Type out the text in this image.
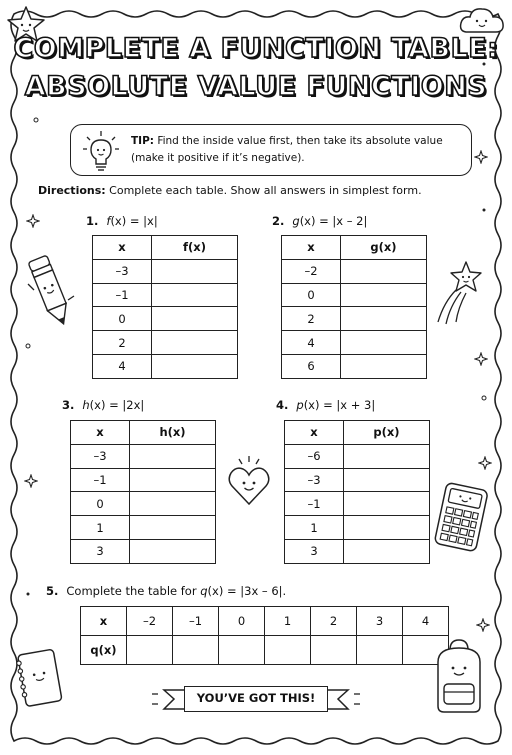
COMPLETE A FUNCTION TABLE:
ABSOLUTE VALUE FUNCTIONS
TIP: Find the inside value first, then take its absolute value (make it positive if it’s negative).
Directions: Complete each table. Show all answers in simplest form.
1. f(x) = |x|	2. g(x) = |x – 2|
3. h(x) = |2x|	4. p(x) = |x + 3|
x	f(x)
–3	
–1	
0	
2	
4	
x	g(x)
–2	
0	
2	
4	
6	
x	h(x)
–3	
–1	
0	
1	
3	
x	p(x)
–6	
–3	
–1	
1	
3	
5. Complete the table for q(x) = |3x – 6|.
x	–2	–1	0	1	2	3	4
q(x)							
YOU’VE GOT THIS!
